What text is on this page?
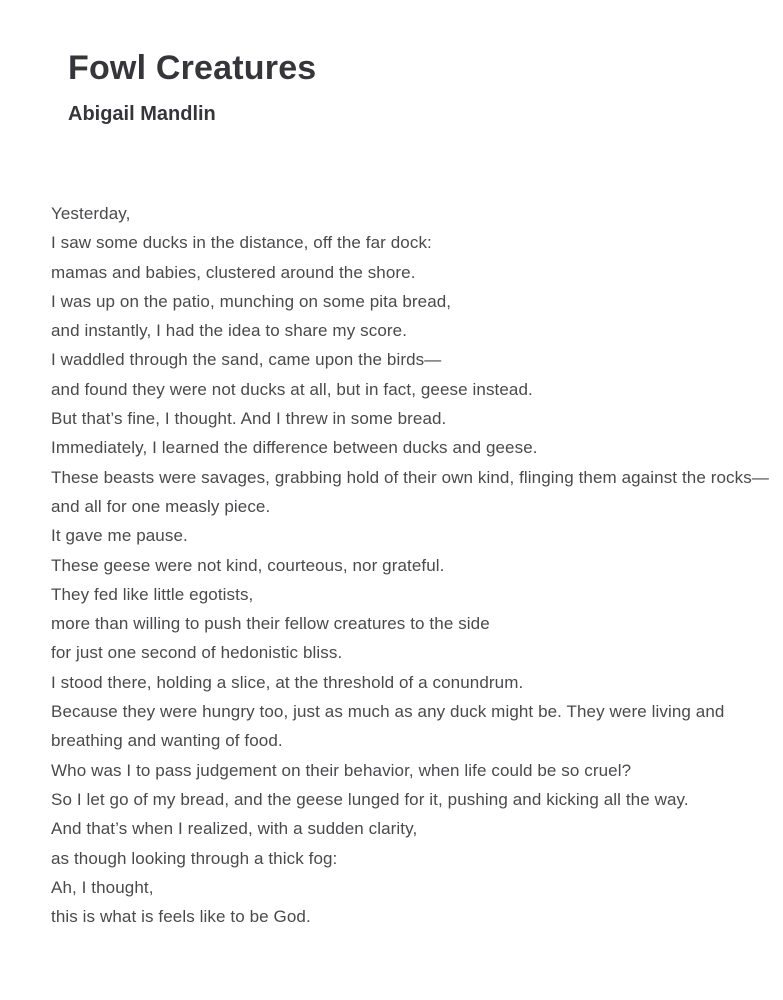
Fowl Creatures
Abigail Mandlin
Yesterday,
I saw some ducks in the distance, off the far dock:
mamas and babies, clustered around the shore.
I was up on the patio, munching on some pita bread,
and instantly, I had the idea to share my score.
I waddled through the sand, came upon the birds—
and found they were not ducks at all, but in fact, geese instead.
But that’s fine, I thought. And I threw in some bread.
Immediately, I learned the difference between ducks and geese.
These beasts were savages, grabbing hold of their own kind, flinging them against the rocks—
and all for one measly piece.
It gave me pause.
These geese were not kind, courteous, nor grateful.
They fed like little egotists,
more than willing to push their fellow creatures to the side
for just one second of hedonistic bliss.
I stood there, holding a slice, at the threshold of a conundrum.
Because they were hungry too, just as much as any duck might be. They were living and
breathing and wanting of food.
Who was I to pass judgement on their behavior, when life could be so cruel?
So I let go of my bread, and the geese lunged for it, pushing and kicking all the way.
And that’s when I realized, with a sudden clarity,
as though looking through a thick fog:
Ah, I thought,
this is what is feels like to be God.
